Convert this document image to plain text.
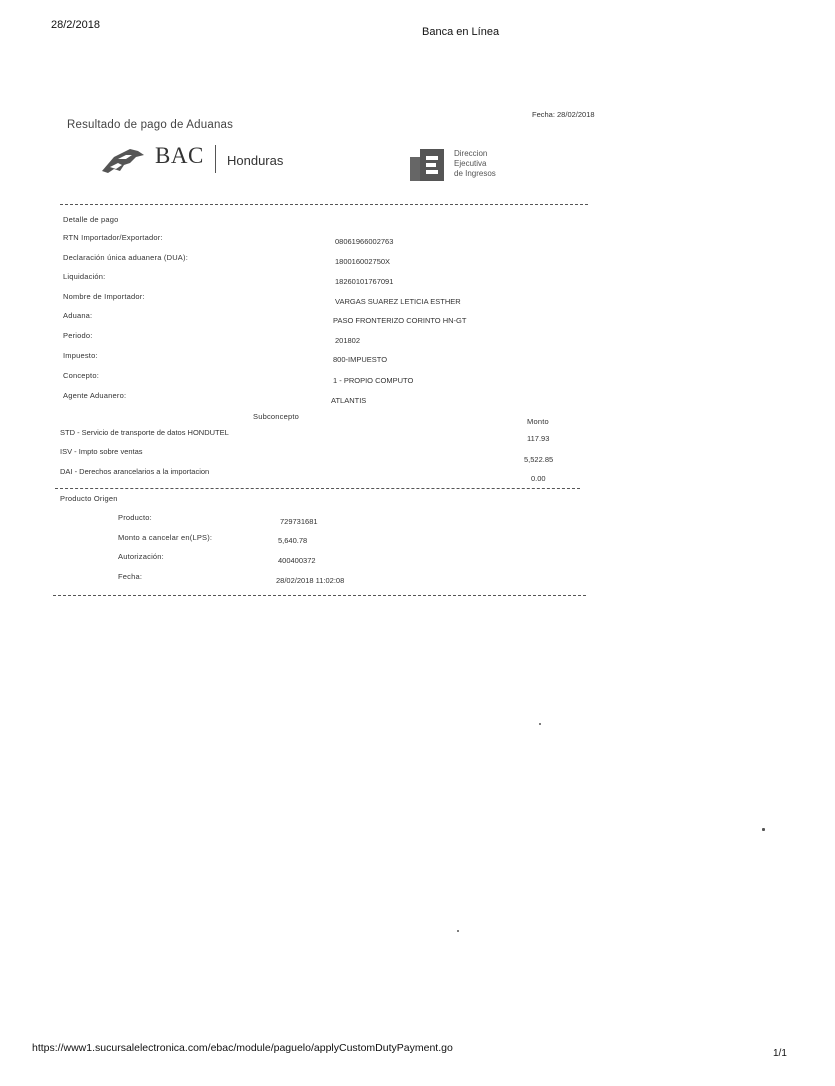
28/2/2018
Banca en Línea
Fecha: 28/02/2018
Resultado de pago de Aduanas
BAC Honduras	Direccion
Ejecutiva
de Ingresos
Detalle de pago
RTN Importador/Exportador:	08061966002763
Declaración única aduanera (DUA):	180016002750X
Liquidación:
18260101767091
Nombre de Importador:
VARGAS SUAREZ LETICIA ESTHER
Aduana:
PASO FRONTERIZO CORINTO HN-GT
Periodo:
201802
Impuesto:	800-IMPUESTO
Concepto:
1 - PROPIO COMPUTO
Agente Aduanero:
ATLANTIS
Subconcepto
Monto
STD - Servicio de transporte de datos HONDUTEL
117.93
ISV - Impto sobre ventas
5,522.85
DAI - Derechos arancelarios a la importacion
0.00
Producto Origen
Producto:	729731681
Monto a cancelar en(LPS):	5,640.78
Autorización:	400400372
Fecha:	28/02/2018 11:02:08
https://www1.sucursalelectronica.com/ebac/module/paguelo/applyCustomDutyPayment.go	1/1
